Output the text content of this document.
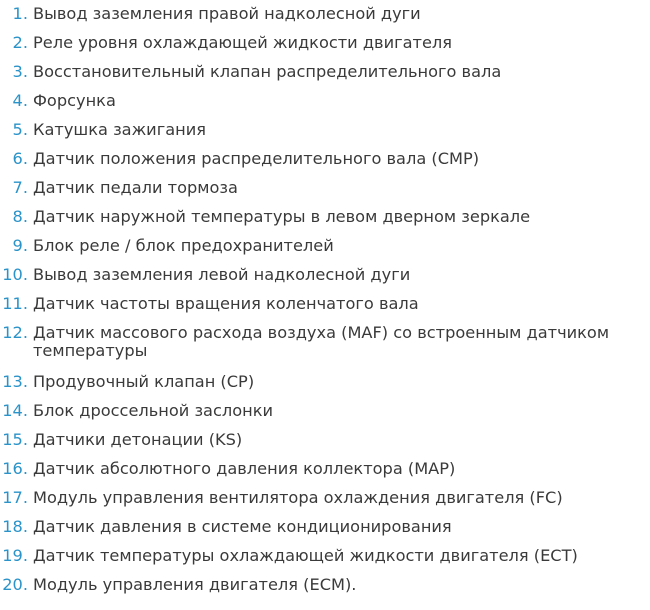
1. Вывод заземления правой надколесной дуги
2. Реле уровня охлаждающей жидкости двигателя
3. Восстановительный клапан распределительного вала
4. Форсунка
5. Катушка зажигания
6. Датчик положения распределительного вала (CMP)
7. Датчик педали тормоза
8. Датчик наружной температуры в левом дверном зеркале
9. Блок реле / блок предохранителей
10. Вывод заземления левой надколесной дуги
11. Датчик частоты вращения коленчатого вала
12. Датчик массового расхода воздуха (MAF) со встроенным датчиком температуры
13. Продувочный клапан (CP)
14. Блок дроссельной заслонки
15. Датчики детонации (KS)
16. Датчик абсолютного давления коллектора (MAP)
17. Модуль управления вентилятора охлаждения двигателя (FC)
18. Датчик давления в системе кондиционирования
19. Датчик температуры охлаждающей жидкости двигателя (ECT)
20. Модуль управления двигателя (ECM).
